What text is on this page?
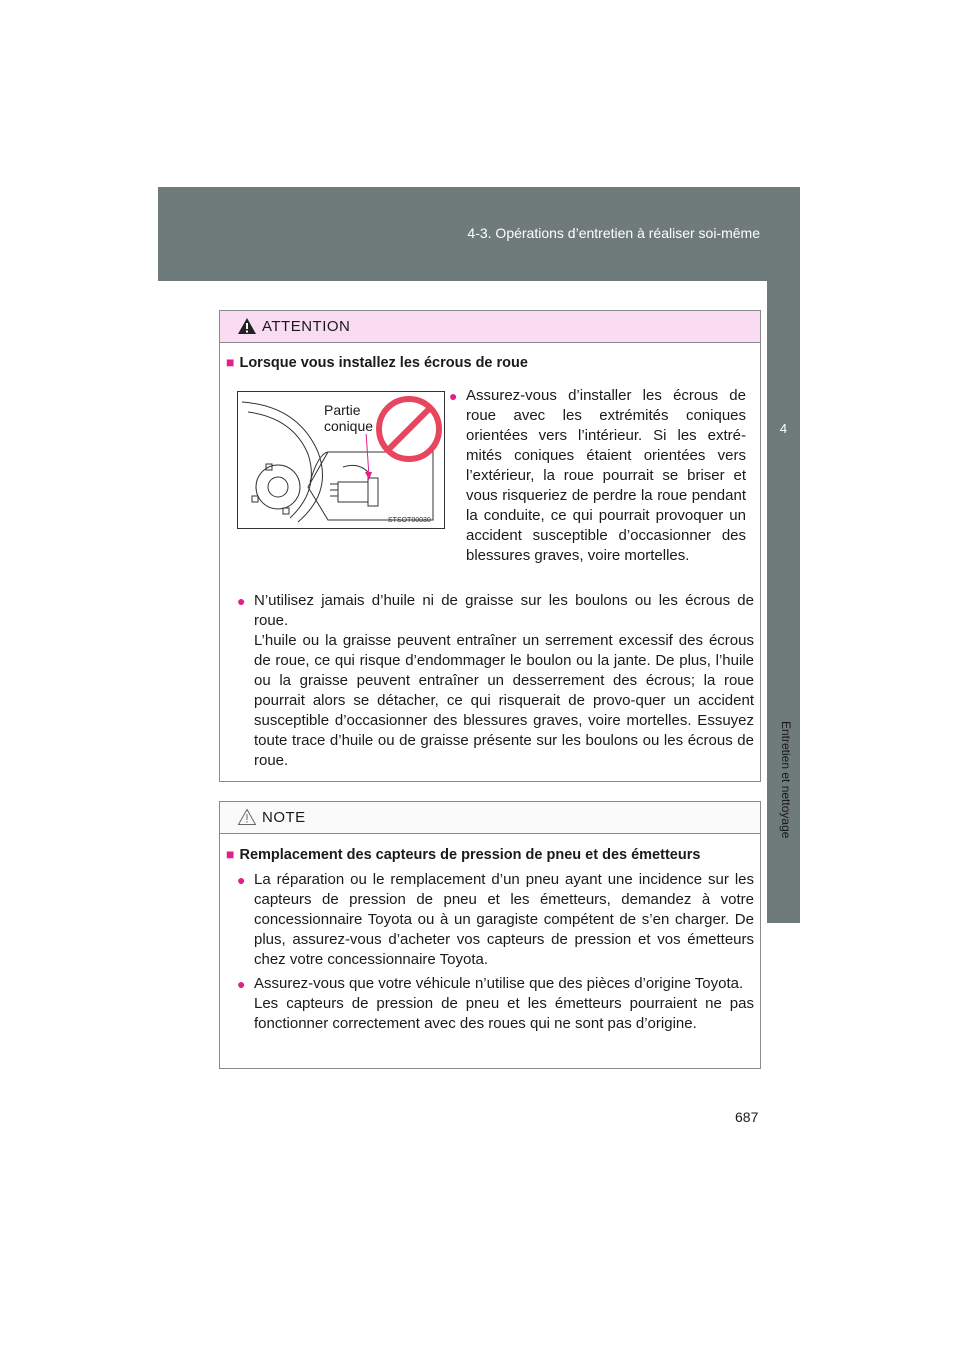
4-3. Opérations d’entretien à réaliser soi-même
4
Entretien et nettoyage
ATTENTION
■ Lorsque vous installez les écrous de roue
Partie
conique
STSOT00030
● Assurez-vous d’installer les écrous de roue avec les extrémités coniques orientées vers l’intérieur. Si les extré-mités coniques étaient orientées vers l’extérieur, la roue pourrait se briser et vous risqueriez de perdre la roue pendant la conduite, ce qui pourrait provoquer un accident susceptible d’occasionner des blessures graves, voire mortelles.
● N’utilisez jamais d’huile ni de graisse sur les boulons ou les écrous de roue.
L’huile ou la graisse peuvent entraîner un serrement excessif des écrous de roue, ce qui risque d’endommager le boulon ou la jante. De plus, l’huile ou la graisse peuvent entraîner un desserrement des écrous; la roue pourrait alors se détacher, ce qui risquerait de provo-quer un accident susceptible d’occasionner des blessures graves, voire mortelles. Essuyez toute trace d’huile ou de graisse présente sur les boulons ou les écrous de roue.
NOTE
■ Remplacement des capteurs de pression de pneu et des émetteurs
● La réparation ou le remplacement d’un pneu ayant une incidence sur les capteurs de pression de pneu et les émetteurs, demandez à votre concessionnaire Toyota ou à un garagiste compétent de s’en charger. De plus, assurez-vous d’acheter vos capteurs de pression et vos émetteurs chez votre concessionnaire Toyota.
● Assurez-vous que votre véhicule n’utilise que des pièces d’origine Toyota.
Les capteurs de pression de pneu et les émetteurs pourraient ne pas fonctionner correctement avec des roues qui ne sont pas d’origine.
687
